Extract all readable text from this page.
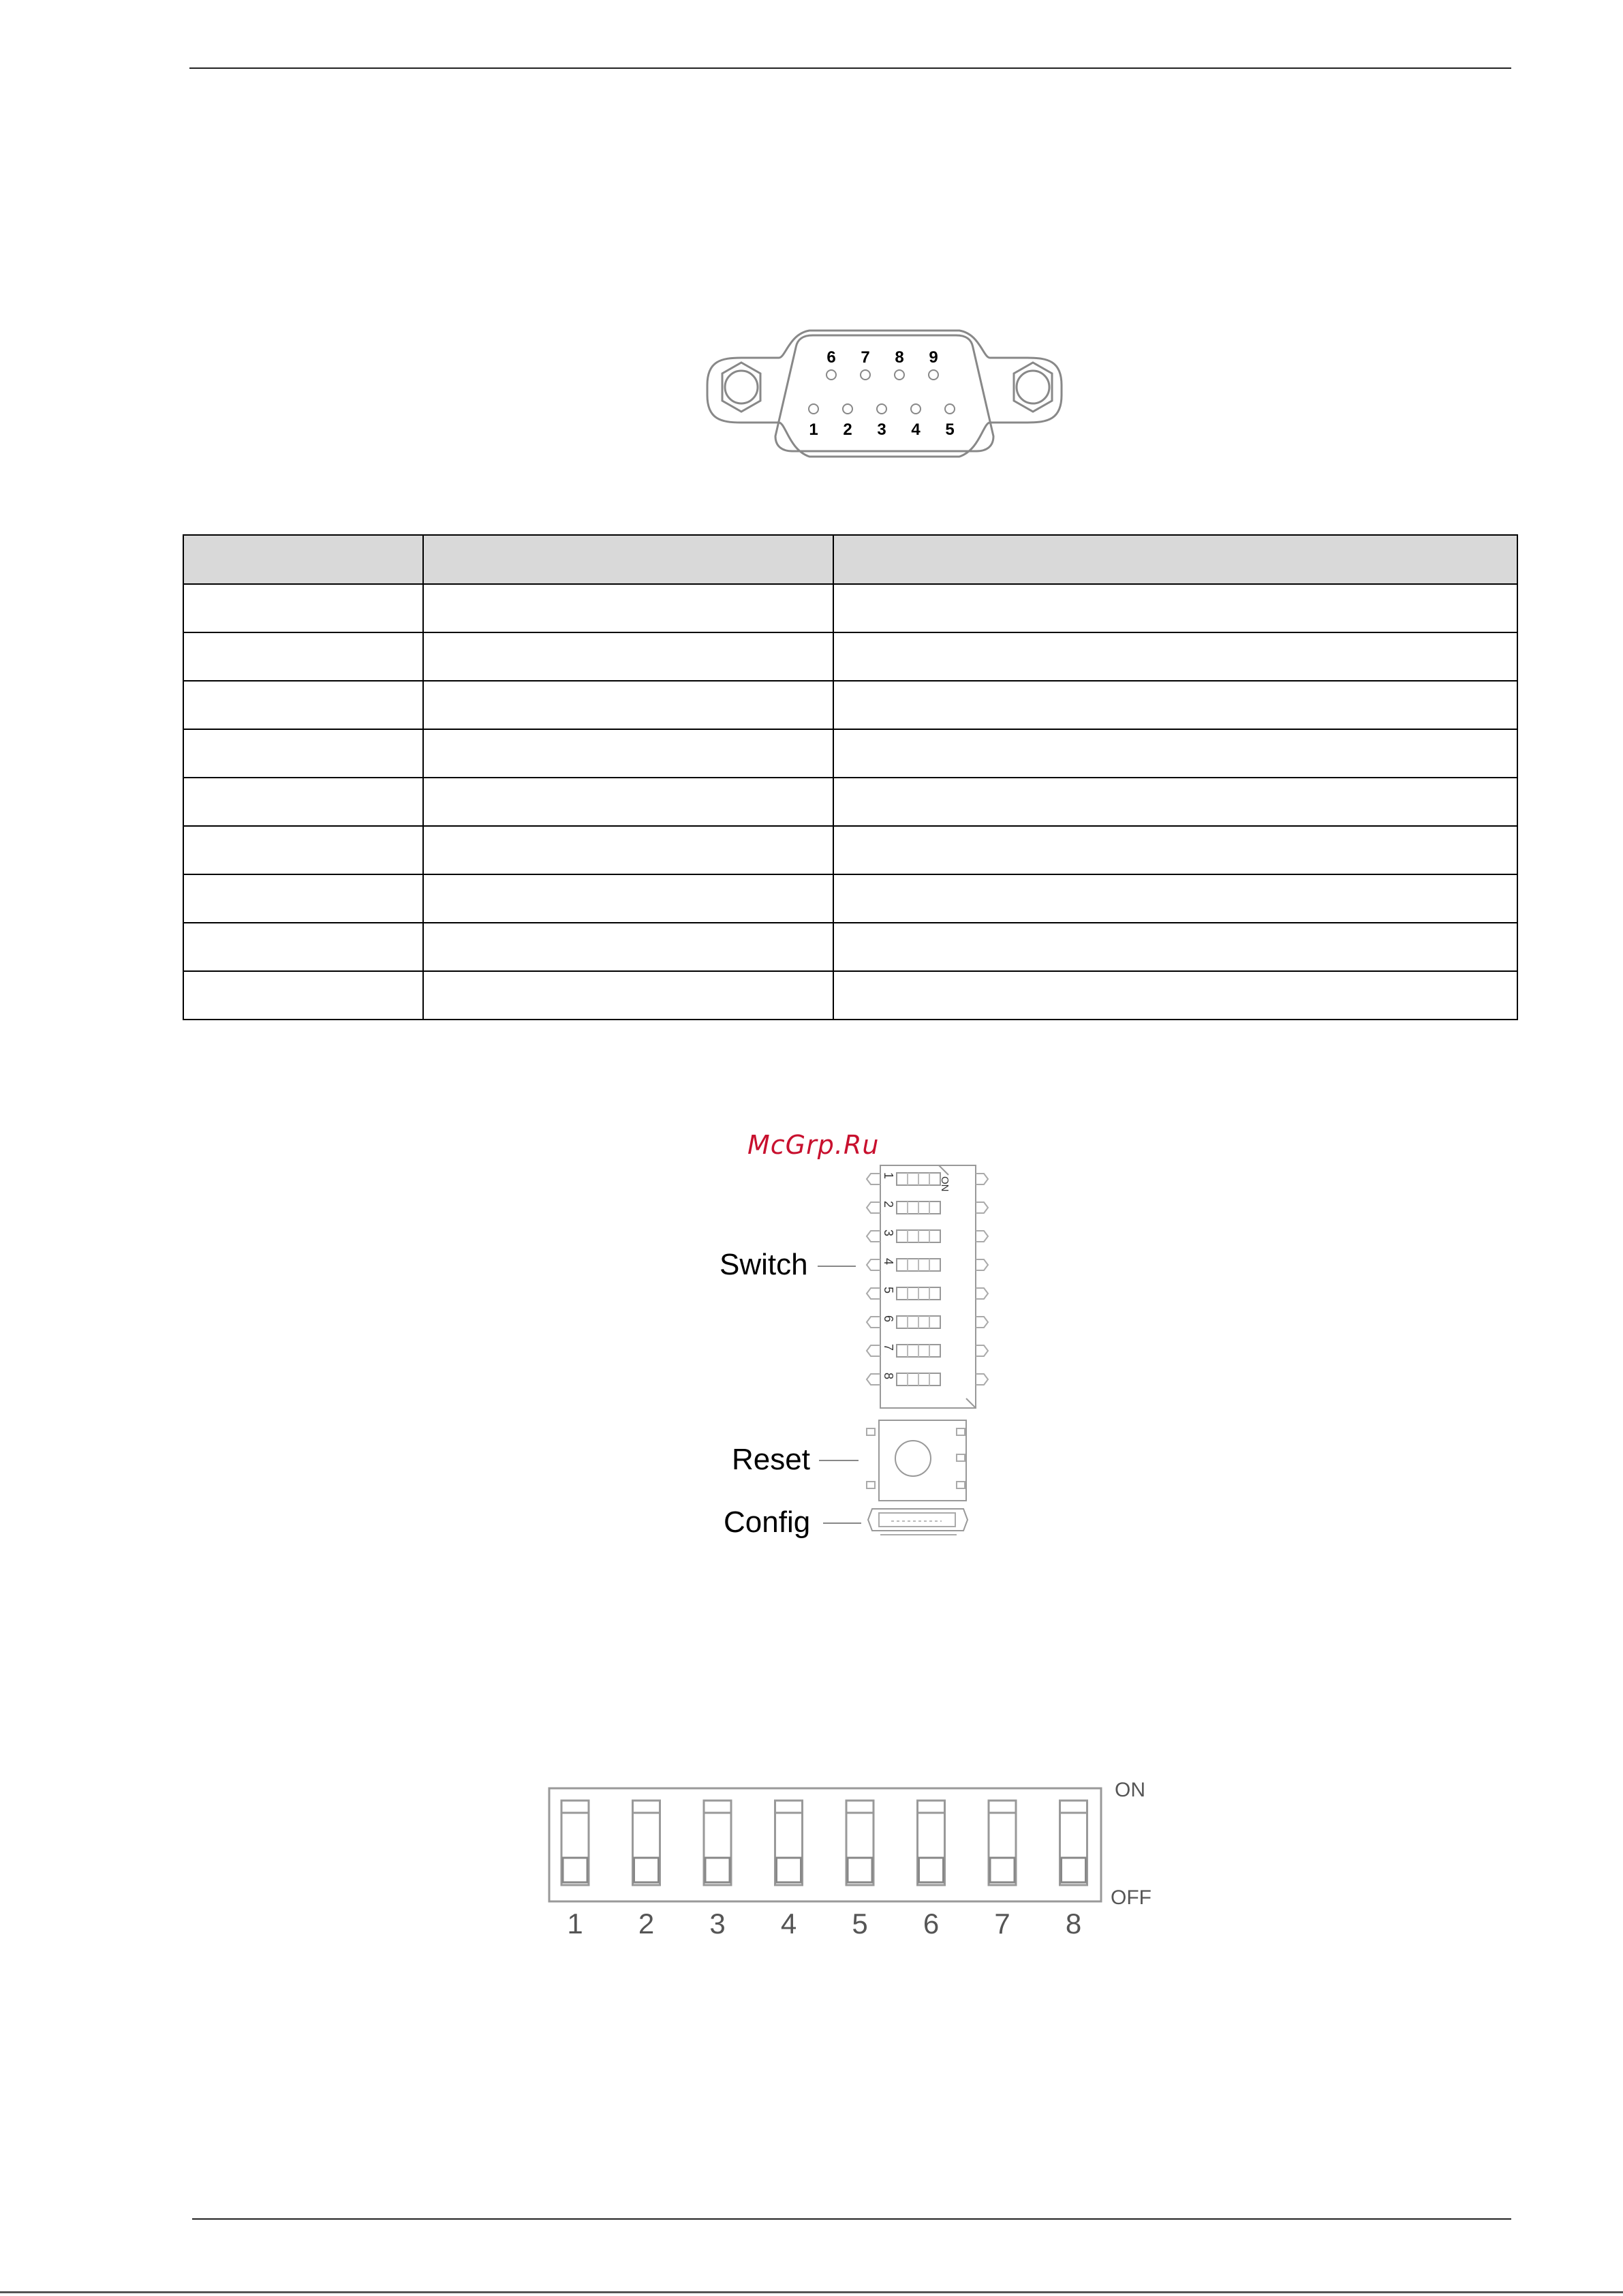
6 7 8 9
1 2 3 4 5

McGrp.Ru
ON
1
2
3
4
5
6
7
8
Switch
Reset
Config
ON
OFF
1 2 3 4 5 6 7 8
